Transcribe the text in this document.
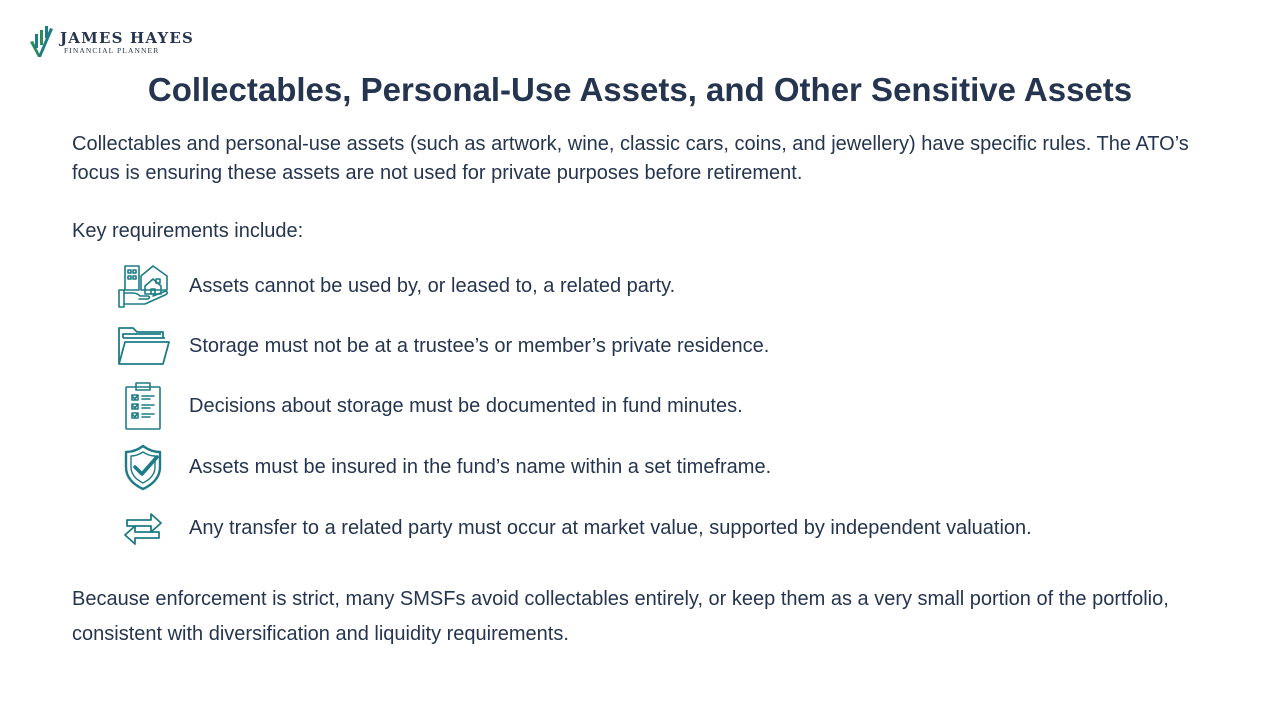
JAMES HAYES
FINANCIAL PLANNER
Collectables, Personal-Use Assets, and Other Sensitive Assets

Collectables and personal-use assets (such as artwork, wine, classic cars, coins, and jewellery) have specific rules. The ATO’s focus is ensuring these assets are not used for private purposes before retirement.

Key requirements include:

Assets cannot be used by, or leased to, a related party.
Storage must not be at a trustee’s or member’s private residence.
Decisions about storage must be documented in fund minutes.
Assets must be insured in the fund’s name within a set timeframe.
Any transfer to a related party must occur at market value, supported by independent valuation.

Because enforcement is strict, many SMSFs avoid collectables entirely, or keep them as a very small portion of the portfolio, consistent with diversification and liquidity requirements.
